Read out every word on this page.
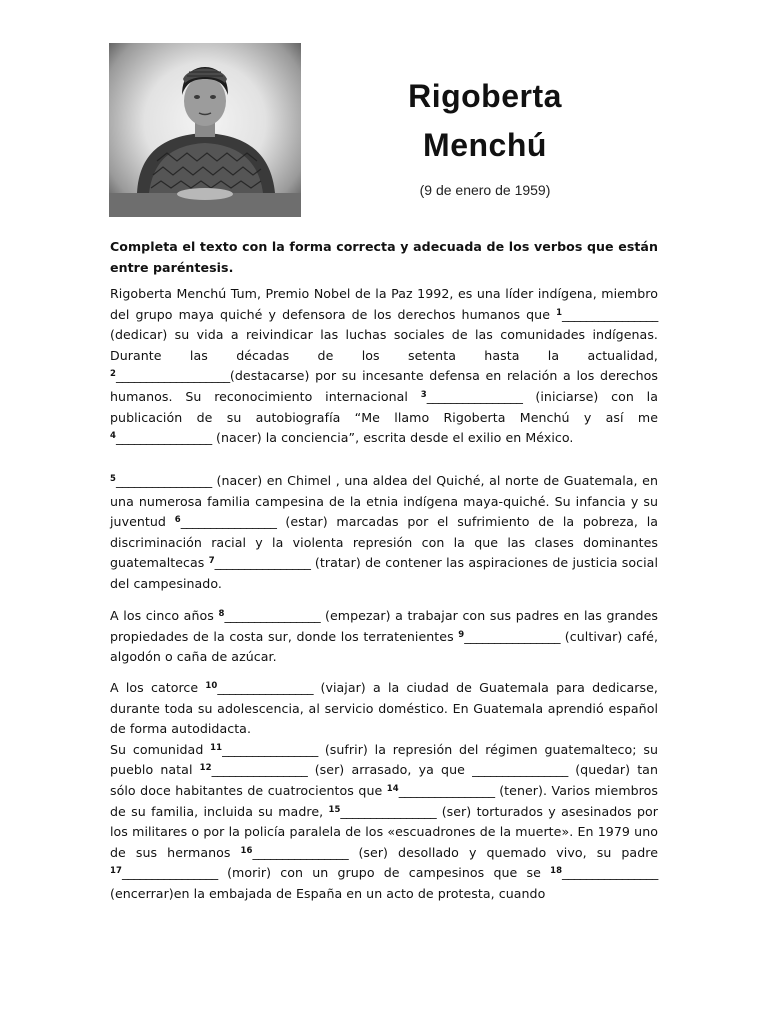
Rigoberta
Menchú
(9 de enero de 1959)
Completa el texto con la forma correcta y adecuada de los verbos que están entre paréntesis.

Rigoberta Menchú Tum, Premio Nobel de la Paz 1992, es una líder indígena, miembro del grupo maya quiché y defensora de los derechos humanos que $^1$________________ (dedicar) su vida a reivindicar las luchas sociales de las comunidades indígenas. Durante las décadas de los setenta hasta la actualidad, $^2$___________________(destacarse) por su incesante defensa en relación a los derechos humanos. Su reconocimiento internacional $^3$________________ (iniciarse) con la publicación de su autobiografía “Me llamo Rigoberta Menchú y así me $^4$________________ (nacer) la conciencia”, escrita desde el exilio en México.

$^5$________________ (nacer) en Chimel , una aldea del Quiché, al norte de Guatemala, en una numerosa familia campesina de la etnia indígena maya-quiché. Su infancia y su juventud $^6$________________ (estar) marcadas por el sufrimiento de la pobreza, la discriminación racial y la violenta represión con la que las clases dominantes guatemaltecas $^7$________________ (tratar) de contener las aspiraciones de justicia social del campesinado.

A los cinco años $^8$________________ (empezar) a trabajar con sus padres en las grandes propiedades de la costa sur, donde los terratenientes $^9$________________ (cultivar) café, algodón o caña de azúcar.

A los catorce $^{10}$________________ (viajar) a la ciudad de Guatemala para dedicarse, durante toda su adolescencia, al servicio doméstico. En Guatemala aprendió español de forma autodidacta.

Su comunidad $^{11}$________________ (sufrir) la represión del régimen guatemalteco; su pueblo natal $^{12}$________________ (ser) arrasado, ya que ________________ (quedar) tan sólo doce habitantes de cuatrocientos que $^{14}$________________ (tener). Varios miembros de su familia, incluida su madre, $^{15}$________________ (ser) torturados y asesinados por los militares o por la policía paralela de los «escuadrones de la muerte». En 1979 uno de sus hermanos $^{16}$________________ (ser) desollado y quemado vivo, su padre $^{17}$________________ (morir) con un grupo de campesinos que se $^{18}$________________ (encerrar)en la embajada de España en un acto de protesta, cuando
